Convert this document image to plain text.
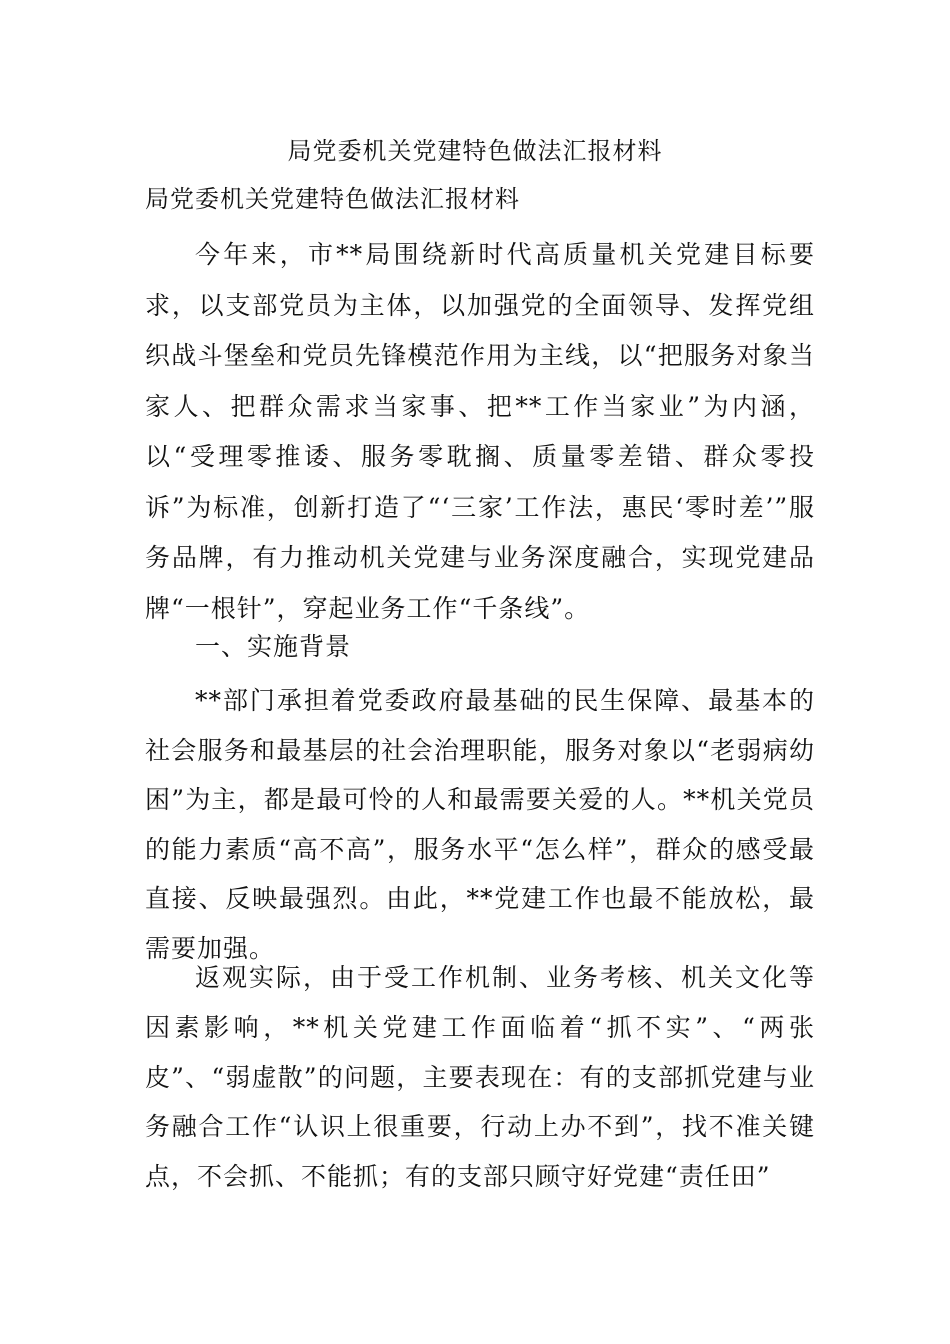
局党委机关党建特色做法汇报材料
局党委机关党建特色做法汇报材料

今年来，市**局围绕新时代高质量机关党建目标要求，以支部党员为主体，以加强党的全面领导、发挥党组织战斗堡垒和党员先锋模范作用为主线，以“把服务对象当家人、把群众需求当家事、把**工作当家业”为内涵，以“受理零推诿、服务零耽搁、质量零差错、群众零投诉”为标准，创新打造了“‘三家’工作法，惠民‘零时差’”服务品牌，有力推动机关党建与业务深度融合，实现党建品牌“一根针”，穿起业务工作“千条线”。

一、实施背景

**部门承担着党委政府最基础的民生保障、最基本的社会服务和最基层的社会治理职能，服务对象以“老弱病幼困”为主，都是最可怜的人和最需要关爱的人。**机关党员的能力素质“高不高”，服务水平“怎么样”，群众的感受最直接、反映最强烈。由此，**党建工作也最不能放松，最需要加强。

返观实际，由于受工作机制、业务考核、机关文化等因素影响，**机关党建工作面临着“抓不实”、“两张皮”、“弱虚散”的问题，主要表现在：有的支部抓党建与业务融合工作“认识上很重要，行动上办不到”，找不准关键点，不会抓、不能抓；有的支部只顾守好党建“责任田”
